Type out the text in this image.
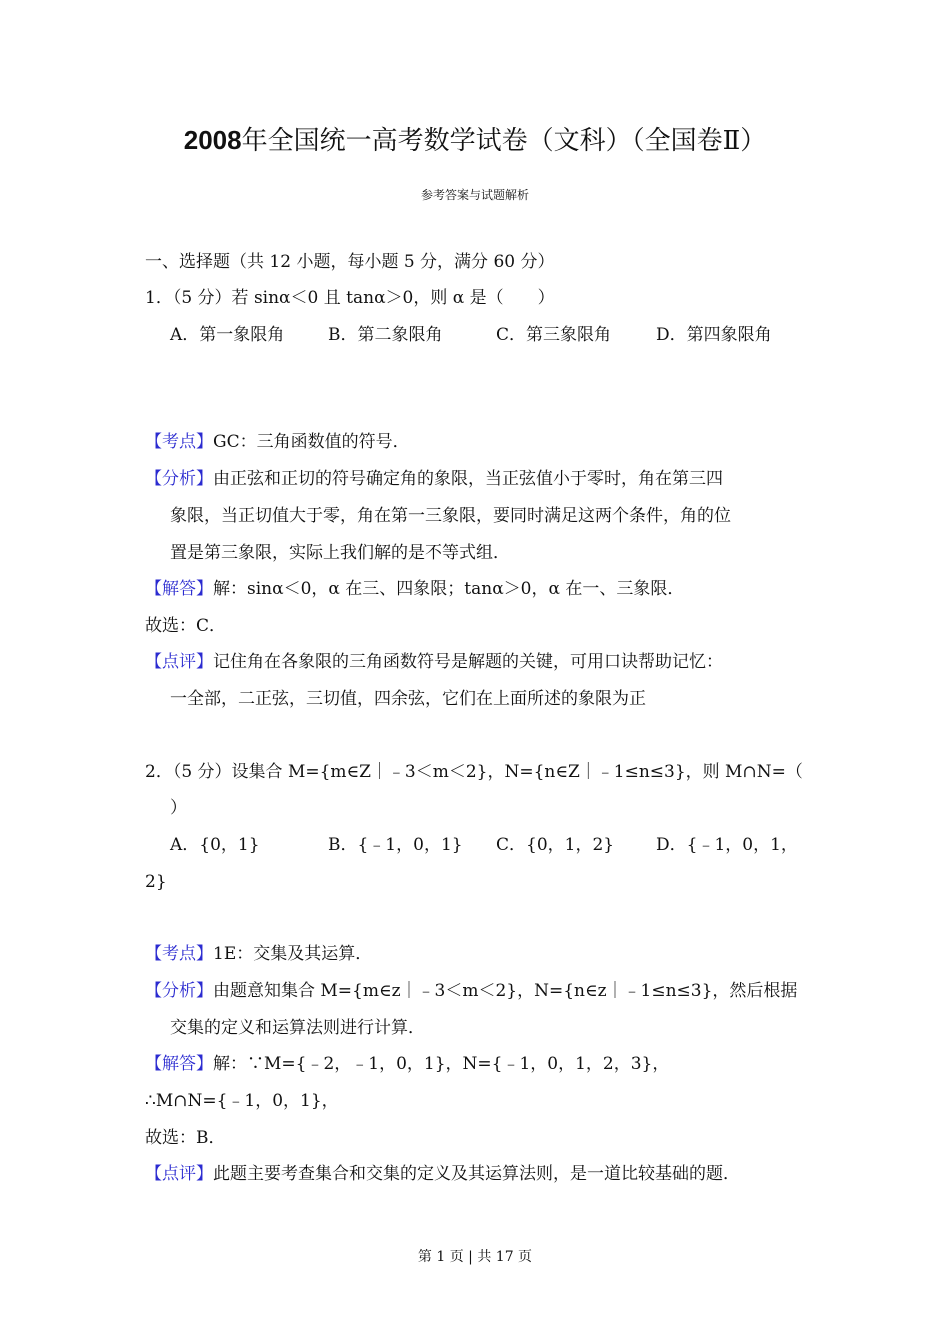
2008年全国统一高考数学试卷（文科）（全国卷Ⅱ）
参考答案与试题解析
一、选择题（共 12 小题，每小题 5 分，满分 60 分）
1．（5 分）若 sinα＜0 且 tanα＞0，则 α 是（　　）
A．第一象限角	B．第二象限角	C．第三象限角	D．第四象限角
【考点】GC：三角函数值的符号．
【分析】由正弦和正切的符号确定角的象限，当正弦值小于零时，角在第三四
象限，当正切值大于零，角在第一三象限，要同时满足这两个条件，角的位
置是第三象限，实际上我们解的是不等式组．
【解答】解：sinα＜0，α 在三、四象限；tanα＞0，α 在一、三象限．
故选：C．
【点评】记住角在各象限的三角函数符号是解题的关键，可用口诀帮助记忆：
一全部，二正弦，三切值，四余弦，它们在上面所述的象限为正
2．（5 分）设集合 M={m∈Z｜﹣3＜m＜2}，N={n∈Z｜﹣1≤n≤3}，则 M∩N=（
）
A．{0，1}	B．{﹣1，0，1} C．{0，1，2} D．{﹣1，0，1，
2}
【考点】1E：交集及其运算．
【分析】由题意知集合 M={m∈z｜﹣3＜m＜2}，N={n∈z｜﹣1≤n≤3}，然后根据
交集的定义和运算法则进行计算．
【解答】解：∵M={﹣2，﹣1，0，1}，N={﹣1，0，1，2，3}，
∴M∩N={﹣1，0，1}，
故选：B．
【点评】此题主要考查集合和交集的定义及其运算法则，是一道比较基础的题．
第 1 页 | 共 17 页
